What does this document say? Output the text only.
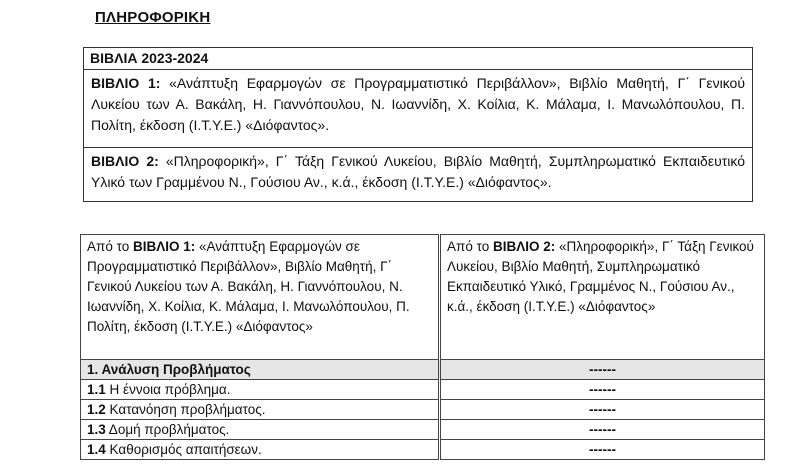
ΠΛΗΡΟΦΟΡΙΚΗ
ΒΙΒΛΙΑ 2023-2024
ΒΙΒΛΙΟ 1: «Ανάπτυξη Εφαρμογών σε Προγραμματιστικό Περιβάλλον», Βιβλίο Μαθητή, Γ΄ Γενικού Λυκείου των Α. Βακάλη, Η. Γιαννόπουλου, Ν. Ιωαννίδη, Χ. Κοίλια, Κ. Μάλαμα, Ι. Μανωλόπουλου, Π. Πολίτη, έκδοση (Ι.Τ.Υ.Ε.) «Διόφαντος».
ΒΙΒΛΙΟ 2: «Πληροφορική», Γ΄ Τάξη Γενικού Λυκείου, Βιβλίο Μαθητή, Συμπληρωματικό Εκπαιδευτικό Υλικό των Γραμμένου Ν., Γούσιου Αν., κ.ά., έκδοση (Ι.Τ.Υ.Ε.) «Διόφαντος».
Από το ΒΙΒΛΙΟ 1: «Ανάπτυξη Εφαρμογών σε Προγραμματιστικό Περιβάλλον», Βιβλίο Μαθητή, Γ΄ Γενικού Λυκείου των Α. Βακάλη, Η. Γιαννόπουλου, Ν. Ιωαννίδη, Χ. Κοίλια, Κ. Μάλαμα, Ι. Μανωλόπουλου, Π. Πολίτη, έκδοση (Ι.Τ.Υ.Ε.) «Διόφαντος»	Από το ΒΙΒΛΙΟ 2: «Πληροφορική», Γ΄ Τάξη Γενικού Λυκείου, Βιβλίο Μαθητή, Συμπληρωματικό Εκπαιδευτικό Υλικό, Γραμμένος Ν., Γούσιου Αν., κ.ά., έκδοση (Ι.Τ.Υ.Ε.) «Διόφαντος»
1. Ανάλυση Προβλήματος	------
1.1 Η έννοια πρόβλημα.	------
1.2 Κατανόηση προβλήματος.	------
1.3 Δομή προβλήματος.	------
1.4 Καθορισμός απαιτήσεων.	------
